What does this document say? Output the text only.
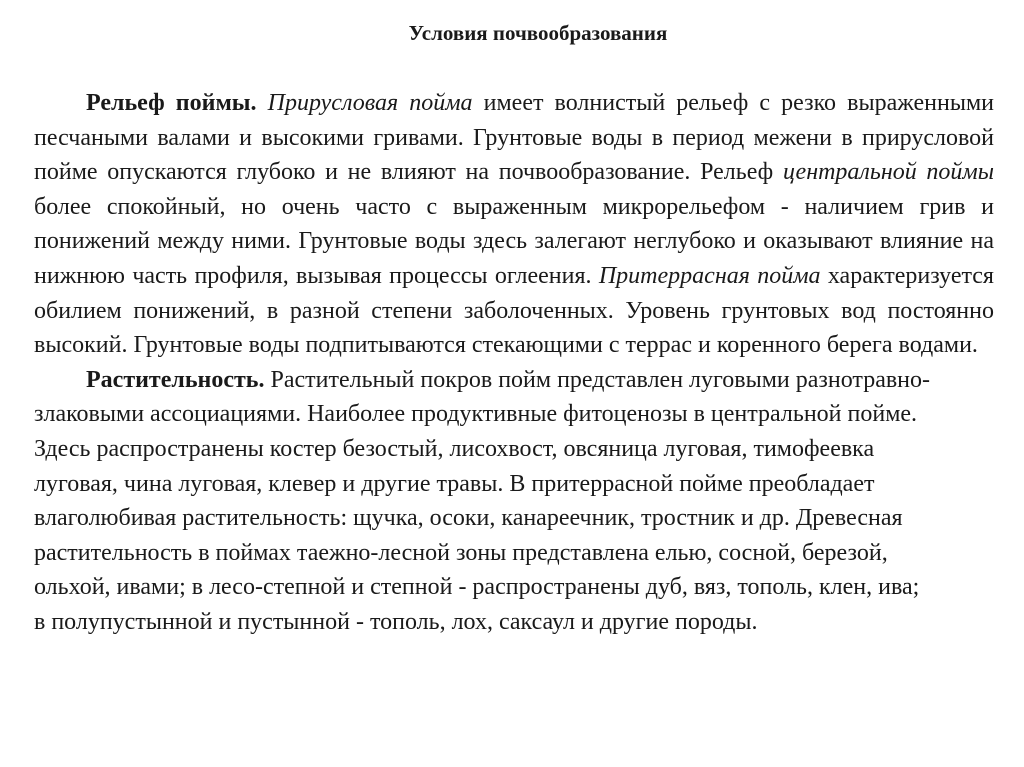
Условия почвообразования

Рельеф поймы. Прирусловая пойма имеет волнистый рельеф с резко выраженными песчаными валами и высокими гривами. Грунтовые воды в период межени в прирусловой пойме опускаются глубоко и не влияют на почвообразование. Рельеф центральной поймы более спокойный, но очень часто с выраженным микрорельефом - наличием грив и понижений между ними. Грунтовые воды здесь залегают неглубоко и оказывают влияние на нижнюю часть профиля, вызывая процессы оглеения. Притеррасная пойма характеризуется обилием понижений, в разной степени заболоченных. Уровень грунтовых вод постоянно высокий. Грунтовые воды подпитываются стекающими с террас и коренного берега водами.

Растительность. Растительный покров пойм представлен луговыми разнотравно-
злаковыми ассоциациями. Наиболее продуктивные фитоценозы в центральной пойме.
Здесь распространены костер безостый, лисохвост, овсяница луговая, тимофеевка
луговая, чина луговая, клевер и другие травы. В притеррасной пойме преобладает
влаголюбивая растительность: щучка, осоки, канареечник, тростник и др. Древесная
растительность в поймах таежно-лесной зоны представлена елью, сосной, березой,
ольхой, ивами; в лесо-степной и степной - распространены дуб, вяз, тополь, клен, ива;
в полупустынной и пустынной - тополь, лох, саксаул и другие породы.
